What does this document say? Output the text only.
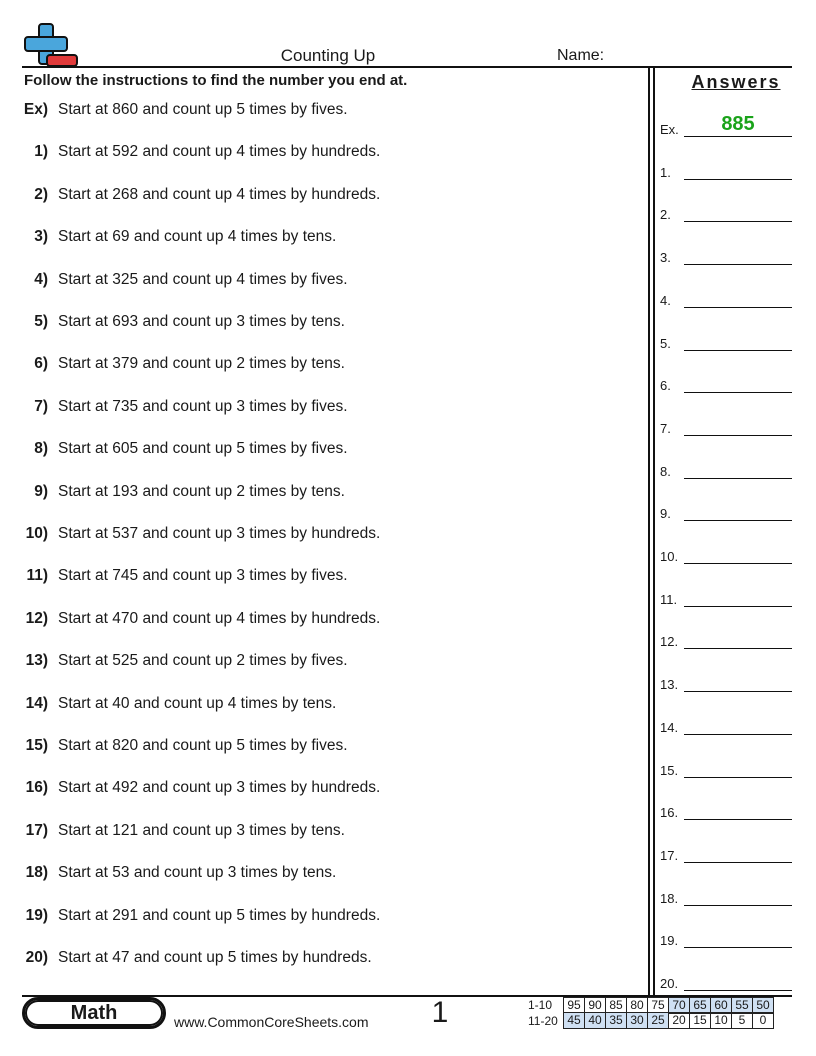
Counting Up	Name:
Follow the instructions to find the number you end at.
Ex) Start at 860 and count up 5 times by fives.
1) Start at 592 and count up 4 times by hundreds.
2) Start at 268 and count up 4 times by hundreds.
3) Start at 69 and count up 4 times by tens.
4) Start at 325 and count up 4 times by fives.
5) Start at 693 and count up 3 times by tens.
6) Start at 379 and count up 2 times by tens.
7) Start at 735 and count up 3 times by fives.
8) Start at 605 and count up 5 times by fives.
9) Start at 193 and count up 2 times by tens.
10) Start at 537 and count up 3 times by hundreds.
11) Start at 745 and count up 3 times by fives.
12) Start at 470 and count up 4 times by hundreds.
13) Start at 525 and count up 2 times by fives.
14) Start at 40 and count up 4 times by tens.
15) Start at 820 and count up 5 times by fives.
16) Start at 492 and count up 3 times by hundreds.
17) Start at 121 and count up 3 times by tens.
18) Start at 53 and count up 3 times by tens.
19) Start at 291 and count up 5 times by hundreds.
20) Start at 47 and count up 5 times by hundreds.
Answers
Ex.	885
1.
2.
3.
4.
5.
6.
7.
8.
9.
10.
11.
12.
13.
14.
15.
16.
17.
18.
19.
20.
Math	www.CommonCoreSheets.com	1	1-10	95 90 85 80 75 70 65 60 55 50
11-20 45 40 35 30 25 20 15 10 5	0
